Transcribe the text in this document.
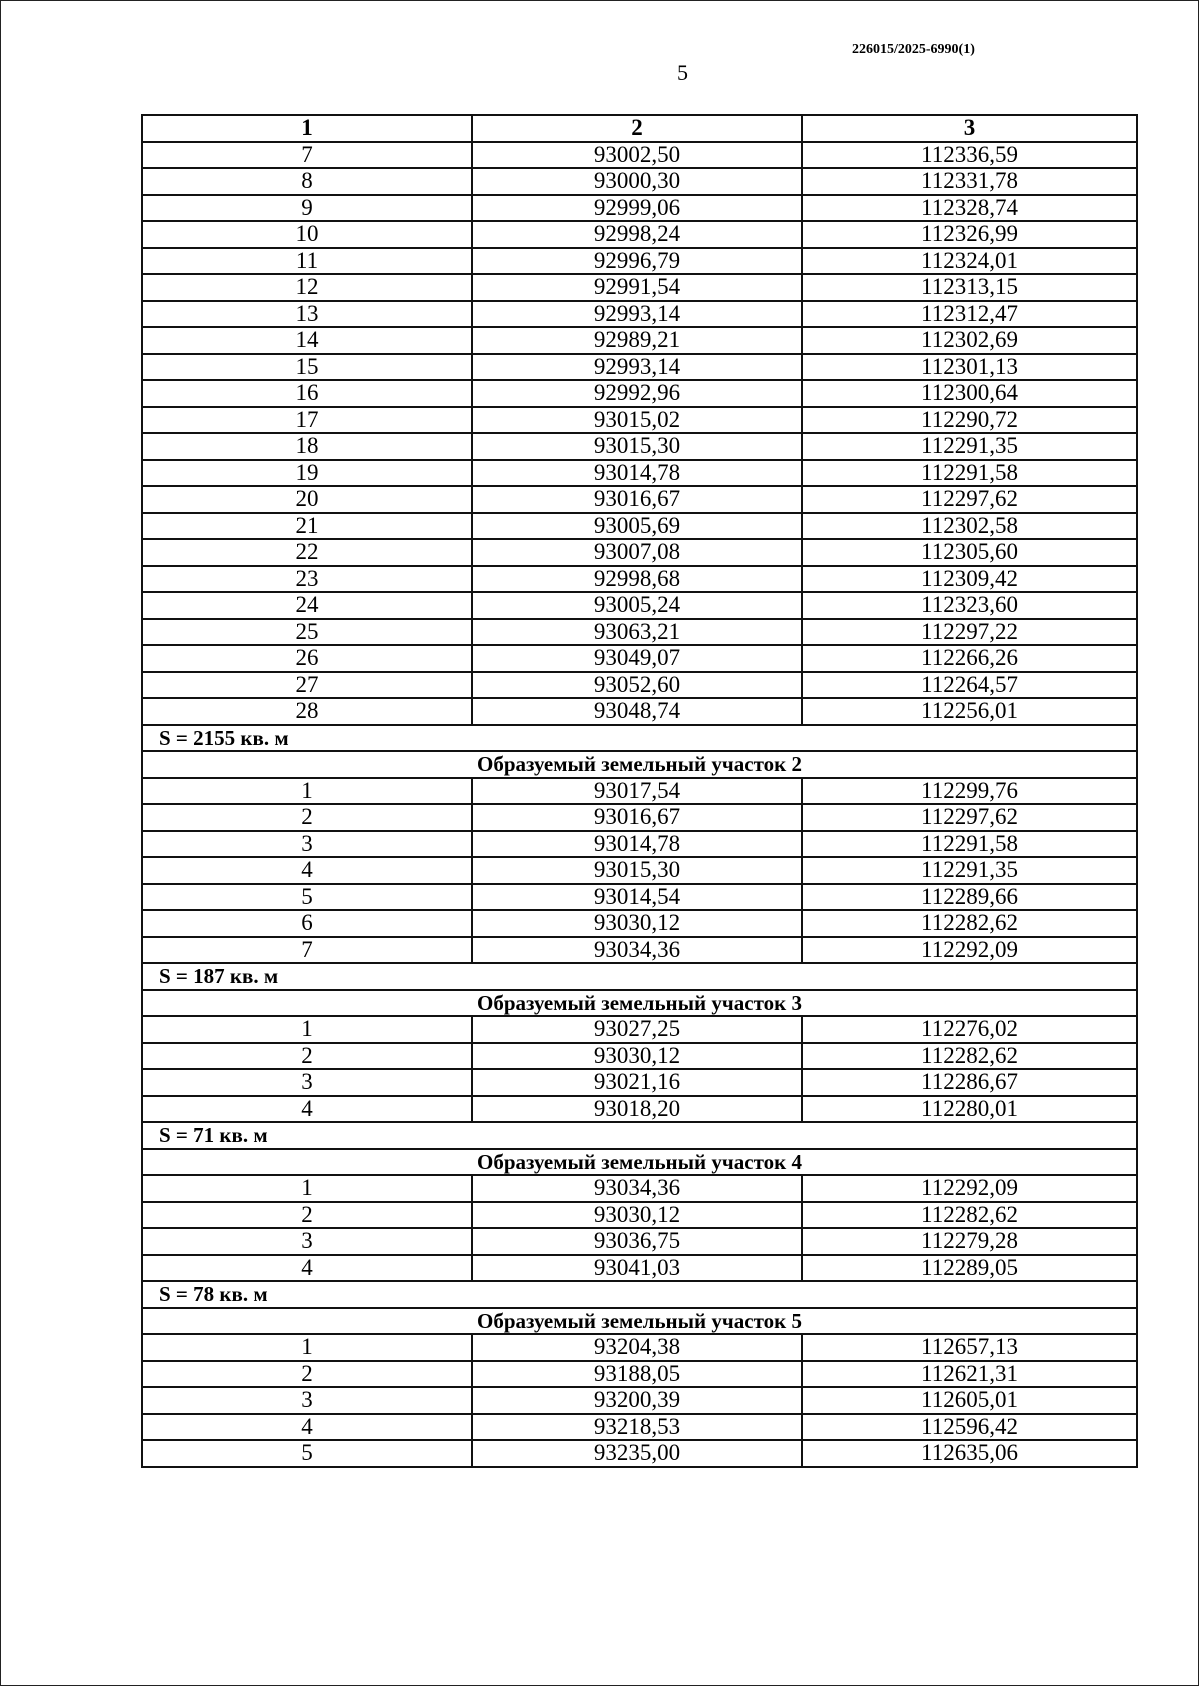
226015/2025-6990(1)
5
1	2	3
7	93002,50	112336,59
8	93000,30	112331,78
9	92999,06	112328,74
10	92998,24	112326,99
11	92996,79	112324,01
12	92991,54	112313,15
13	92993,14	112312,47
14	92989,21	112302,69
15	92993,14	112301,13
16	92992,96	112300,64
17	93015,02	112290,72
18	93015,30	112291,35
19	93014,78	112291,58
20	93016,67	112297,62
21	93005,69	112302,58
22	93007,08	112305,60
23	92998,68	112309,42
24	93005,24	112323,60
25	93063,21	112297,22
26	93049,07	112266,26
27	93052,60	112264,57
28	93048,74	112256,01
S = 2155 кв. м		
Образуемый земельный участок 2		
1	93017,54	112299,76
2	93016,67	112297,62
3	93014,78	112291,58
4	93015,30	112291,35
5	93014,54	112289,66
6	93030,12	112282,62
7	93034,36	112292,09
S = 187 кв. м		
Образуемый земельный участок 3		
1	93027,25	112276,02
2	93030,12	112282,62
3	93021,16	112286,67
4	93018,20	112280,01
S = 71 кв. м		
Образуемый земельный участок 4		
1	93034,36	112292,09
2	93030,12	112282,62
3	93036,75	112279,28
4	93041,03	112289,05
S = 78 кв. м		
Образуемый земельный участок 5		
1	93204,38	112657,13
2	93188,05	112621,31
3	93200,39	112605,01
4	93218,53	112596,42
5	93235,00	112635,06
